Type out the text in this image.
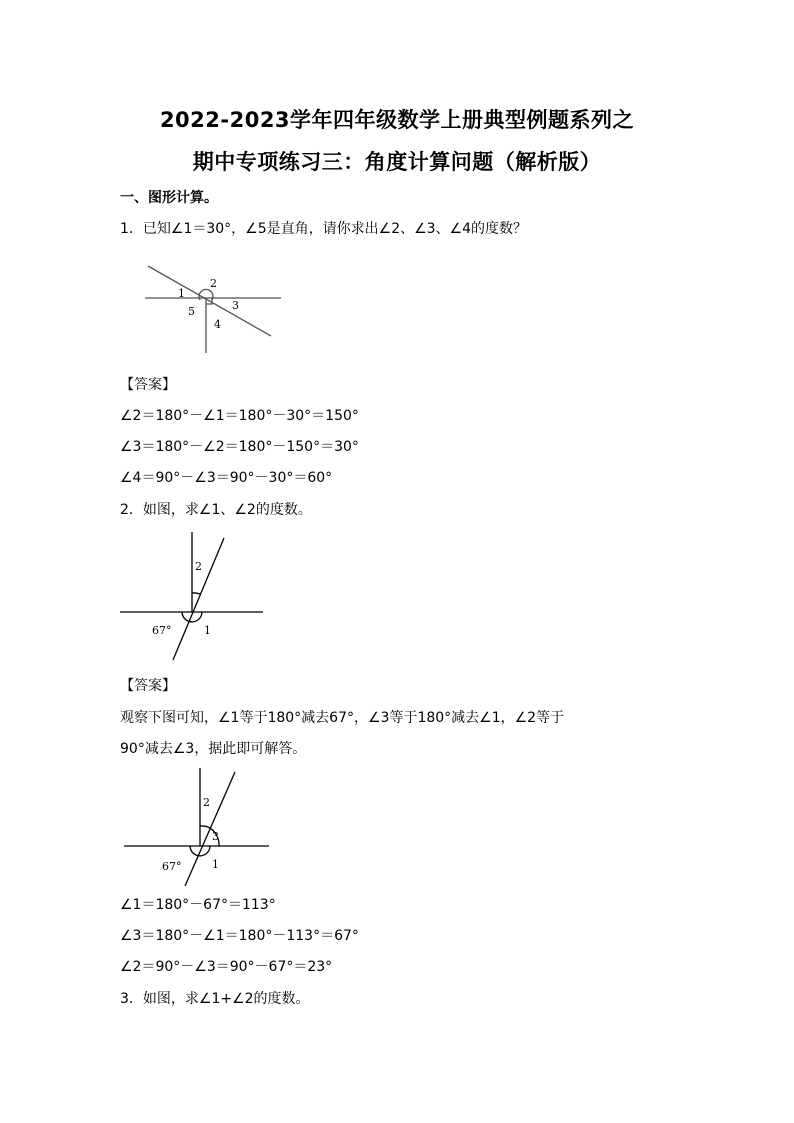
2022-2023学年四年级数学上册典型例题系列之
期中专项练习三：角度计算问题（解析版）
一、图形计算。
1．已知∠1＝30°，∠5是直角，请你求出∠2、∠3、∠4的度数？
1
2
3
4
5
【答案】
∠2＝180°－∠1＝180°－30°＝150°
∠3＝180°－∠2＝180°－150°＝30°
∠4＝90°－∠3＝90°－30°＝60°
2．如图，求∠1、∠2的度数。
2
67°	1
【答案】
观察下图可知，∠1等于180°减去67°，∠3等于180°减去∠1，∠2等于
90°减去∠3，据此即可解答。
2
3
67°	1
∠1＝180°－67°＝113°
∠3＝180°－∠1＝180°－113°＝67°
∠2＝90°－∠3＝90°－67°＝23°
3．如图，求∠1+∠2的度数。
